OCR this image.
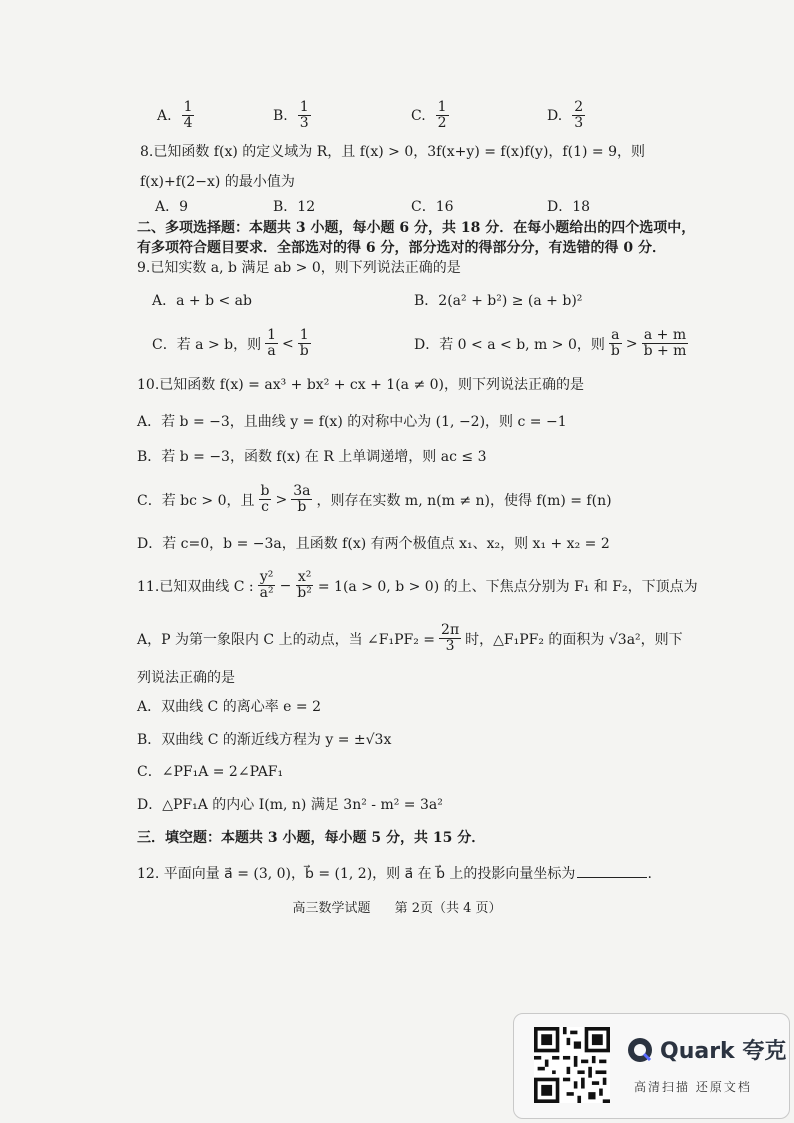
A. $\frac{1}{4}$	B. $\frac{1}{3}$	C. $\frac{1}{2}$	D. $\frac{2}{3}$
8.已知函数 f(x) 的定义域为 R，且 f(x) > 0，3f(x+y) = f(x)f(y)，f(1) = 9，则
f(x)+f(2−x) 的最小值为
A．9	B．12	C．16	D．18
二、多项选择题：本题共 3 小题，每小题 6 分，共 18 分．在每小题给出的四个选项中，
有多项符合题目要求．全部选对的得 6 分，部分选对的得部分分，有选错的得 0 分．
9.已知实数 a, b 满足 ab > 0，则下列说法正确的是
A．a + b < ab	B．2(a² + b²) ≥ (a + b)²
C．若 a > b，则 $\frac{1}{a} < \frac{1}{b}$	D．若 0 < a < b, m > 0，则 $\frac{a}{b} > \frac{a + m}{b + m}$
10.已知函数 f(x) = ax³ + bx² + cx + 1(a ≠ 0)，则下列说法正确的是
A．若 b = −3，且曲线 y = f(x) 的对称中心为 (1, −2)，则 c = −1
B．若 b = −3，函数 f(x) 在 R 上单调递增，则 ac ≤ 3
C．若 bc > 0，且 $\frac{b}{c} > \frac{3a}{b}$ ，则存在实数 m, n(m ≠ n)，使得 f(m) = f(n)
D．若 c=0，b = −3a，且函数 f(x) 有两个极值点 x₁、x₂，则 x₁ + x₂ = 2
11.已知双曲线 C : $\frac{\text{y²}}{\text{a²}} - \frac{\text{x²}}{\text{b²}} = 1(a > 0$, b > 0) 的上、下焦点分别为 F₁ 和 F₂，下顶点为
A，P 为第一象限内 C 上的动点，当 ∠F₁PF₂ = $\frac{2\pi}{3}$ 时，△F₁PF₂ 的面积为 √3a²，则下
列说法正确的是
A．双曲线 C 的离心率 e = 2
B．双曲线 C 的渐近线方程为 y = ±√3x
C．∠PF₁A = 2∠PAF₁
D．△PF₁A 的内心 I(m, n) 满足 3n² - m² = 3a²
三．填空题：本题共 3 小题，每小题 5 分，共 15 分．
12. 平面向量 a⃗ = (3, 0)，b⃗ = (1, 2)，则 a⃗ 在 b⃗ 上的投影向量坐标为	.
高三数学试题 第 2页（共 4 页）
Quark 夸克
高清扫描 还原文档
